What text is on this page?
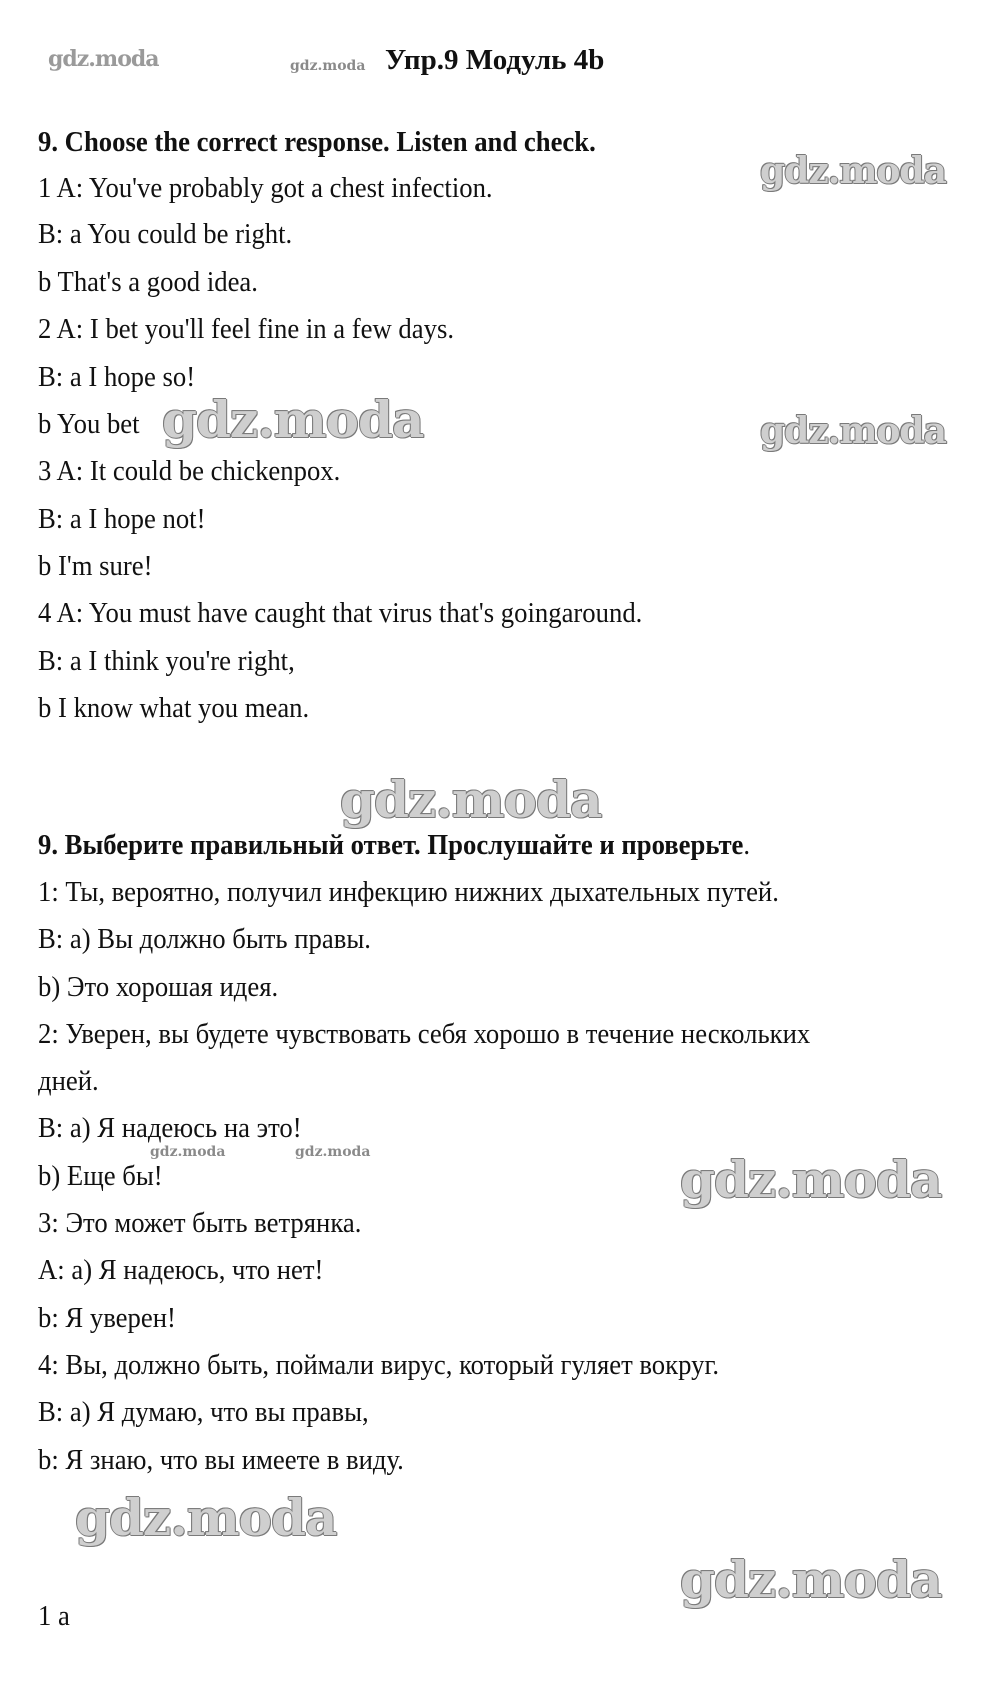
gdz.moda	gdz.moda Упр.9 Модуль 4b
9. Choose the correct response. Listen and check.
1 A: You've probably got a chest infection.
B: a You could be right.
b That's a good idea.
2 A: I bet you'll feel fine in a few days.
B: a I hope so!
b You bet
3 A: It could be chickenpox.
B: a I hope not!
b I'm sure!
4 A: You must have caught that virus that's goingaround.
B: a I think you're right,
b I know what you mean.
gdz.moda
gdz.moda	gdz.moda
gdz.moda
9. Выберите правильный ответ. Прослушайте и проверьте.
1: Ты, вероятно, получил инфекцию нижних дыхательных путей.
B: a) Вы должно быть правы.
b) Это хорошая идея.
2: Уверен, вы будете чувствовать себя хорошо в течение нескольких
дней.
B: a) Я надеюсь на это!
b) Еще бы!
3: Это может быть ветрянка.
A: a) Я надеюсь, что нет!
b: Я уверен!
4: Вы, должно быть, поймали вирус, который гуляет вокруг.
B: a) Я думаю, что вы правы,
b: Я знаю, что вы имеете в виду.
gdz.moda	gdz.moda	gdz.moda
gdz.moda
gdz.moda
1 a
